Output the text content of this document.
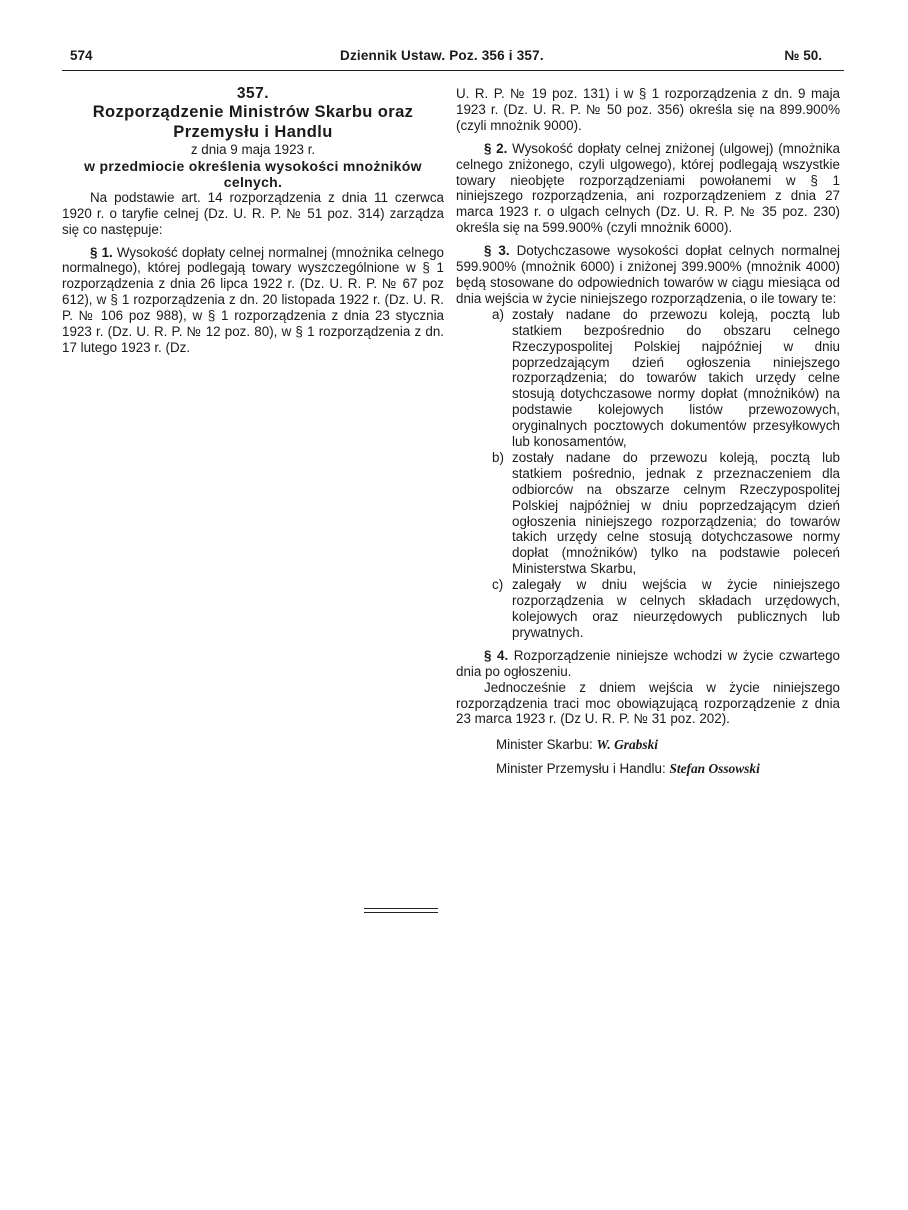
574	Dziennik Ustaw. Poz. 356 i 357.	№ 50.

357.

Rozporządzenie Ministrów Skarbu oraz Przemysłu i Handlu

z dnia 9 maja 1923 r.

w przedmiocie określenia wysokości mnożników celnych.

Na podstawie art. 14 rozporządzenia z dnia 11 czerwca 1920 r. o taryfie celnej (Dz. U. R. P. № 51 poz. 314) zarządza się co następuje:

§ 1. Wysokość dopłaty celnej normalnej (mnożnika celnego normalnego), której podlegają towary wyszczególnione w § 1 rozporządzenia z dnia 26 lipca 1922 r. (Dz. U. R. P. № 67 poz 612), w § 1 rozporządzenia z dn. 20 listopada 1922 r. (Dz. U. R. P. № 106 poz 988), w § 1 rozporządzenia z dnia 23 stycznia 1923 r. (Dz. U. R. P. № 12 poz. 80), w § 1 rozporządzenia z dn. 17 lutego 1923 r. (Dz.

U. R. P. № 19 poz. 131) i w § 1 rozporządzenia z dn. 9 maja 1923 r. (Dz. U. R. P. № 50 poz. 356) określa się na 899.900% (czyli mnożnik 9000).

§ 2. Wysokość dopłaty celnej zniżonej (ulgowej) (mnożnika celnego zniżonego, czyli ulgowego), której podlegają wszystkie towary nieobjęte rozporządzeniami powołanemi w § 1 niniejszego rozporządzenia, ani rozporządzeniem z dnia 27 marca 1923 r. o ulgach celnych (Dz. U. R. P. № 35 poz. 230) określa się na 599.900% (czyli mnożnik 6000).

§ 3. Dotychczasowe wysokości dopłat celnych normalnej 599.900% (mnożnik 6000) i zniżonej 399.900% (mnożnik 4000) będą stosowane do odpowiednich towarów w ciągu miesiąca od dnia wejścia w życie niniejszego rozporządzenia, o ile towary te:

a) zostały nadane do przewozu koleją, pocztą lub statkiem bezpośrednio do obszaru celnego Rzeczypospolitej Polskiej najpóźniej w dniu poprzedzającym dzień ogłoszenia niniejszego rozporządzenia; do towarów takich urzędy celne stosują dotychczasowe normy dopłat (mnożników) na podstawie kolejowych listów przewozowych, oryginalnych pocztowych dokumentów przesyłkowych lub konosamentów,
b) zostały nadane do przewozu koleją, pocztą lub statkiem pośrednio, jednak z przeznaczeniem dla odbiorców na obszarze celnym Rzeczypospolitej Polskiej najpóźniej w dniu poprzedzającym dzień ogłoszenia niniejszego rozporządzenia; do towarów takich urzędy celne stosują dotychczasowe normy dopłat (mnożników) tylko na podstawie poleceń Ministerstwa Skarbu,
c) zalegały w dniu wejścia w życie niniejszego rozporządzenia w celnych składach urzędowych, kolejowych oraz nieurzędowych publicznych lub prywatnych.

§ 4. Rozporządzenie niniejsze wchodzi w życie czwartego dnia po ogłoszeniu.

Jednocześnie z dniem wejścia w życie niniejszego rozporządzenia traci moc obowiązującą rozporządzenie z dnia 23 marca 1923 r. (Dz U. R. P. № 31 poz. 202).

Minister Skarbu: W. Grabski

Minister Przemysłu i Handlu: Stefan Ossowski
